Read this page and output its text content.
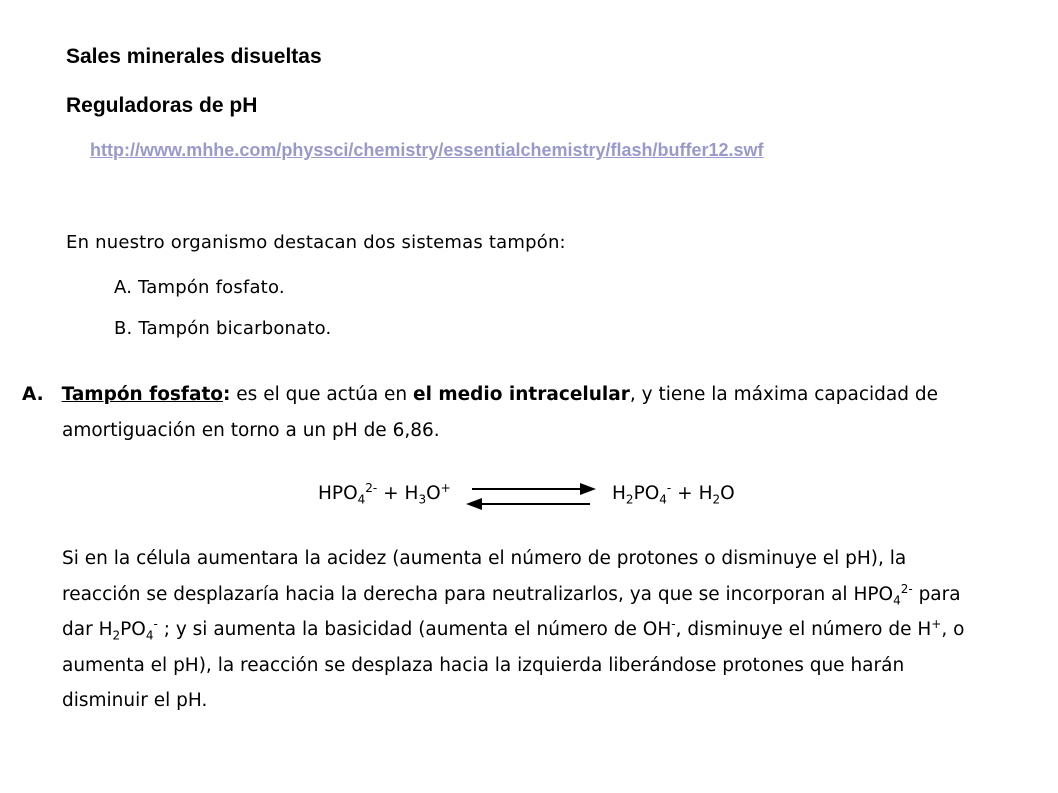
Sales minerales disueltas
Reguladoras de pH
http://www.mhhe.com/physsci/chemistry/essentialchemistry/flash/buffer12.swf
En nuestro organismo destacan dos sistemas tampón:
A. Tampón fosfato.
B. Tampón bicarbonato.
A. Tampón fosfato: es el que actúa en el medio intracelular, y tiene la máxima capacidad de
amortiguación en torno a un pH de 6,86.
$HPO_4^{2-} + H_3O^+$	$H_2PO_4^- + H_2O$
Si en la célula aumentara la acidez (aumenta el número de protones o disminuye el pH), la
reacción se desplazaría hacia la derecha para neutralizarlos, ya que se incorporan al $HPO_4^{2-}$ para
dar $H_2PO_4^-$ ; y si aumenta la basicidad (aumenta el número de OH-, disminuye el número de H+, o
aumenta el pH), la reacción se desplaza hacia la izquierda liberándose protones que harán
disminuir el pH.
